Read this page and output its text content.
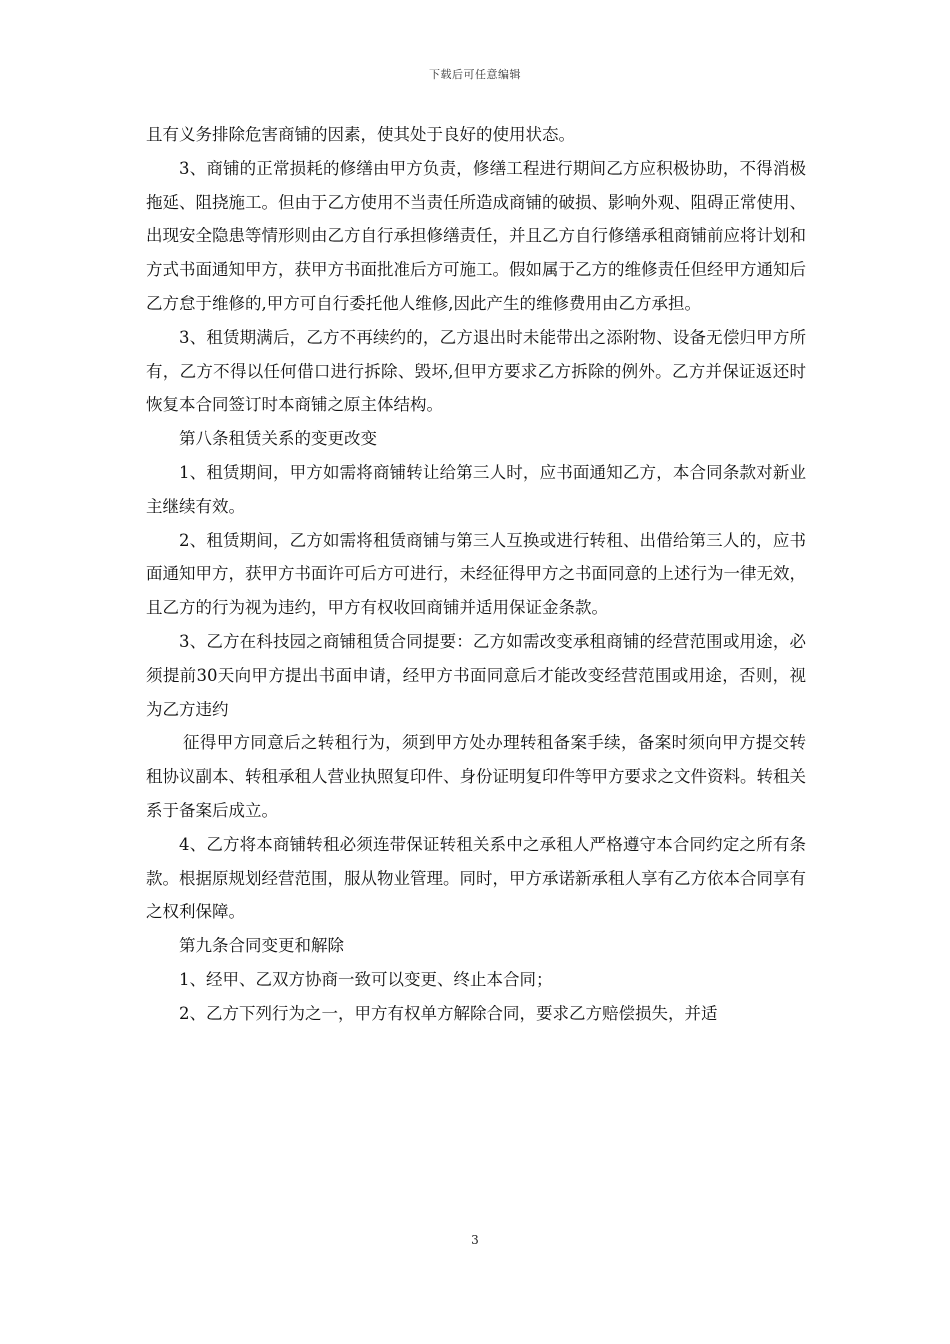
下载后可任意编辑

且有义务排除危害商铺的因素，使其处于良好的使用状态。

3、商铺的正常损耗的修缮由甲方负责，修缮工程进行期间乙方应积极协助，不得消极拖延、阻挠施工。但由于乙方使用不当责任所造成商铺的破损、影响外观、阻碍正常使用、出现安全隐患等情形则由乙方自行承担修缮责任，并且乙方自行修缮承租商铺前应将计划和方式书面通知甲方，获甲方书面批准后方可施工。假如属于乙方的维修责任但经甲方通知后乙方怠于维修的,甲方可自行委托他人维修,因此产生的维修费用由乙方承担。

3、租赁期满后，乙方不再续约的，乙方退出时未能带出之添附物、设备无偿归甲方所有，乙方不得以任何借口进行拆除、毁坏,但甲方要求乙方拆除的例外。乙方并保证返还时恢复本合同签订时本商铺之原主体结构。

第八条租赁关系的变更改变

1、租赁期间，甲方如需将商铺转让给第三人时，应书面通知乙方，本合同条款对新业主继续有效。

2、租赁期间，乙方如需将租赁商铺与第三人互换或进行转租、出借给第三人的，应书面通知甲方，获甲方书面许可后方可进行，未经征得甲方之书面同意的上述行为一律无效，且乙方的行为视为违约，甲方有权收回商铺并适用保证金条款。

3、乙方在科技园之商铺租赁合同提要：乙方如需改变承租商铺的经营范围或用途，必须提前30天向甲方提出书面申请，经甲方书面同意后才能改变经营范围或用途，否则，视为乙方违约

征得甲方同意后之转租行为，须到甲方处办理转租备案手续，备案时须向甲方提交转租协议副本、转租承租人营业执照复印件、身份证明复印件等甲方要求之文件资料。转租关系于备案后成立。

4、乙方将本商铺转租必须连带保证转租关系中之承租人严格遵守本合同约定之所有条款。根据原规划经营范围，服从物业管理。同时，甲方承诺新承租人享有乙方依本合同享有之权利保障。

第九条合同变更和解除

1、经甲、乙双方协商一致可以变更、终止本合同；

2、乙方下列行为之一，甲方有权单方解除合同，要求乙方赔偿损失，并适

3
